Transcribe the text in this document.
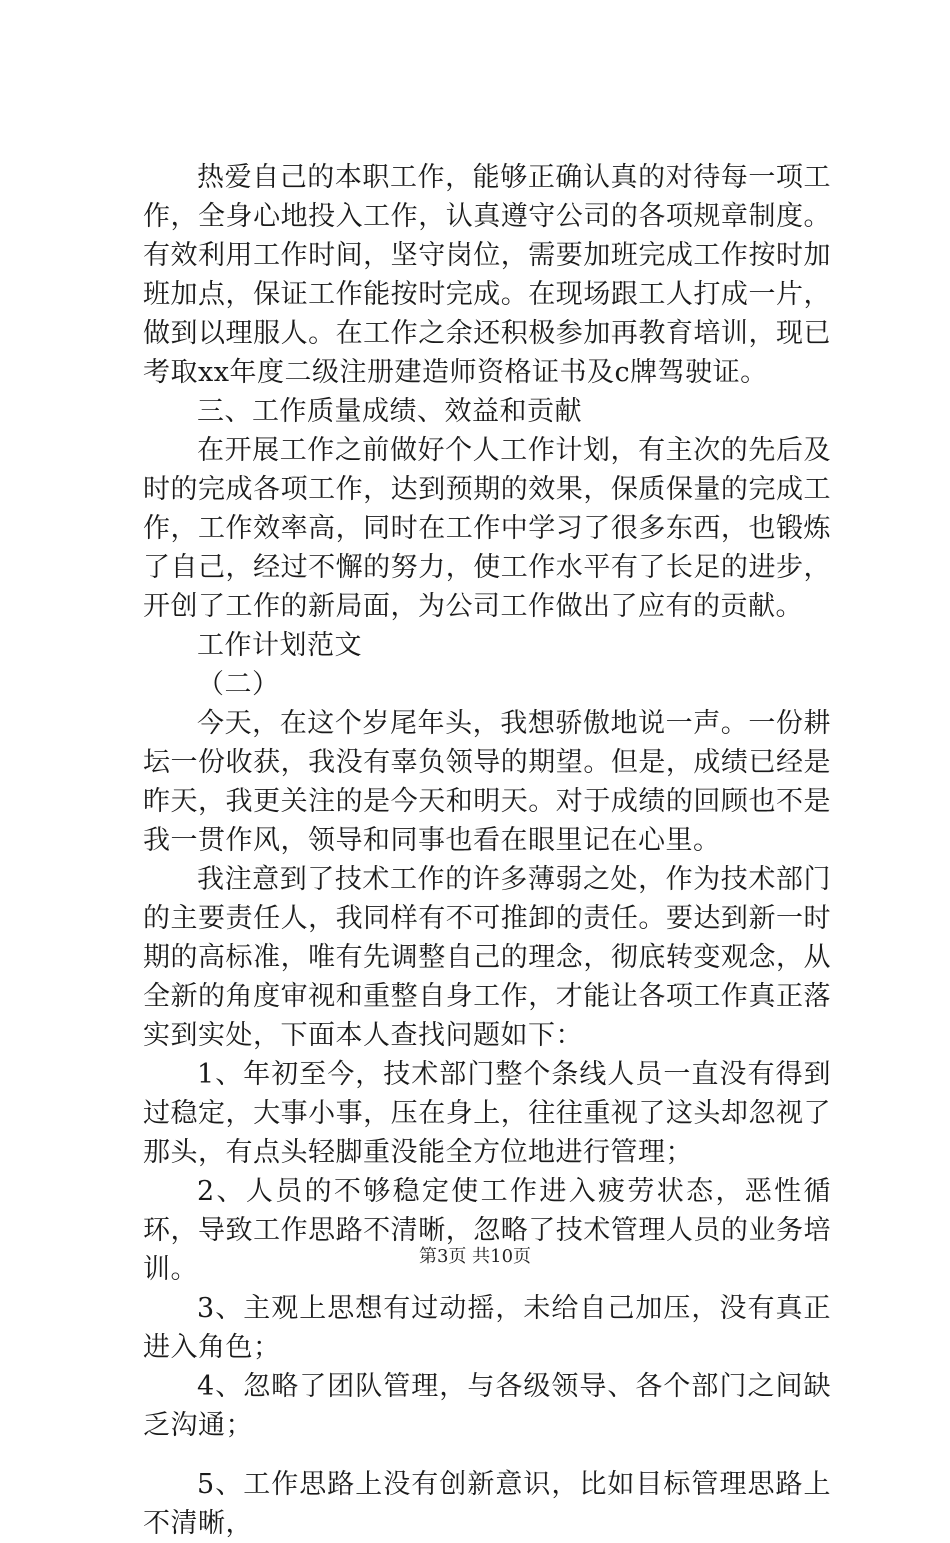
热爱自己的本职工作，能够正确认真的对待每一项工作，全身心地投入工作，认真遵守公司的各项规章制度。有效利用工作时间，坚守岗位，需要加班完成工作按时加班加点，保证工作能按时完成。在现场跟工人打成一片，做到以理服人。在工作之余还积极参加再教育培训，现已考取xx年度二级注册建造师资格证书及c牌驾驶证。

三、工作质量成绩、效益和贡献

在开展工作之前做好个人工作计划，有主次的先后及时的完成各项工作，达到预期的效果，保质保量的完成工作，工作效率高，同时在工作中学习了很多东西，也锻炼了自己，经过不懈的努力，使工作水平有了长足的进步，开创了工作的新局面，为公司工作做出了应有的贡献。

工作计划范文

（二）

今天，在这个岁尾年头，我想骄傲地说一声。一份耕坛一份收获，我没有辜负领导的期望。但是，成绩已经是昨天，我更关注的是今天和明天。对于成绩的回顾也不是我一贯作风，领导和同事也看在眼里记在心里。

我注意到了技术工作的许多薄弱之处，作为技术部门的主要责任人，我同样有不可推卸的责任。要达到新一时期的高标准，唯有先调整自己的理念，彻底转变观念，从全新的角度审视和重整自身工作，才能让各项工作真正落实到实处，下面本人查找问题如下：

1、年初至今，技术部门整个条线人员一直没有得到过稳定，大事小事，压在身上，往往重视了这头却忽视了那头，有点头轻脚重没能全方位地进行管理；

2、人员的不够稳定使工作进入疲劳状态，恶性循环，导致工作思路不清晰，忽略了技术管理人员的业务培训。

3、主观上思想有过动摇，未给自己加压，没有真正进入角色；

4、忽略了团队管理，与各级领导、各个部门之间缺乏沟通；

5、工作思路上没有创新意识，比如目标管理思路上不清晰，

第3页 共10页
